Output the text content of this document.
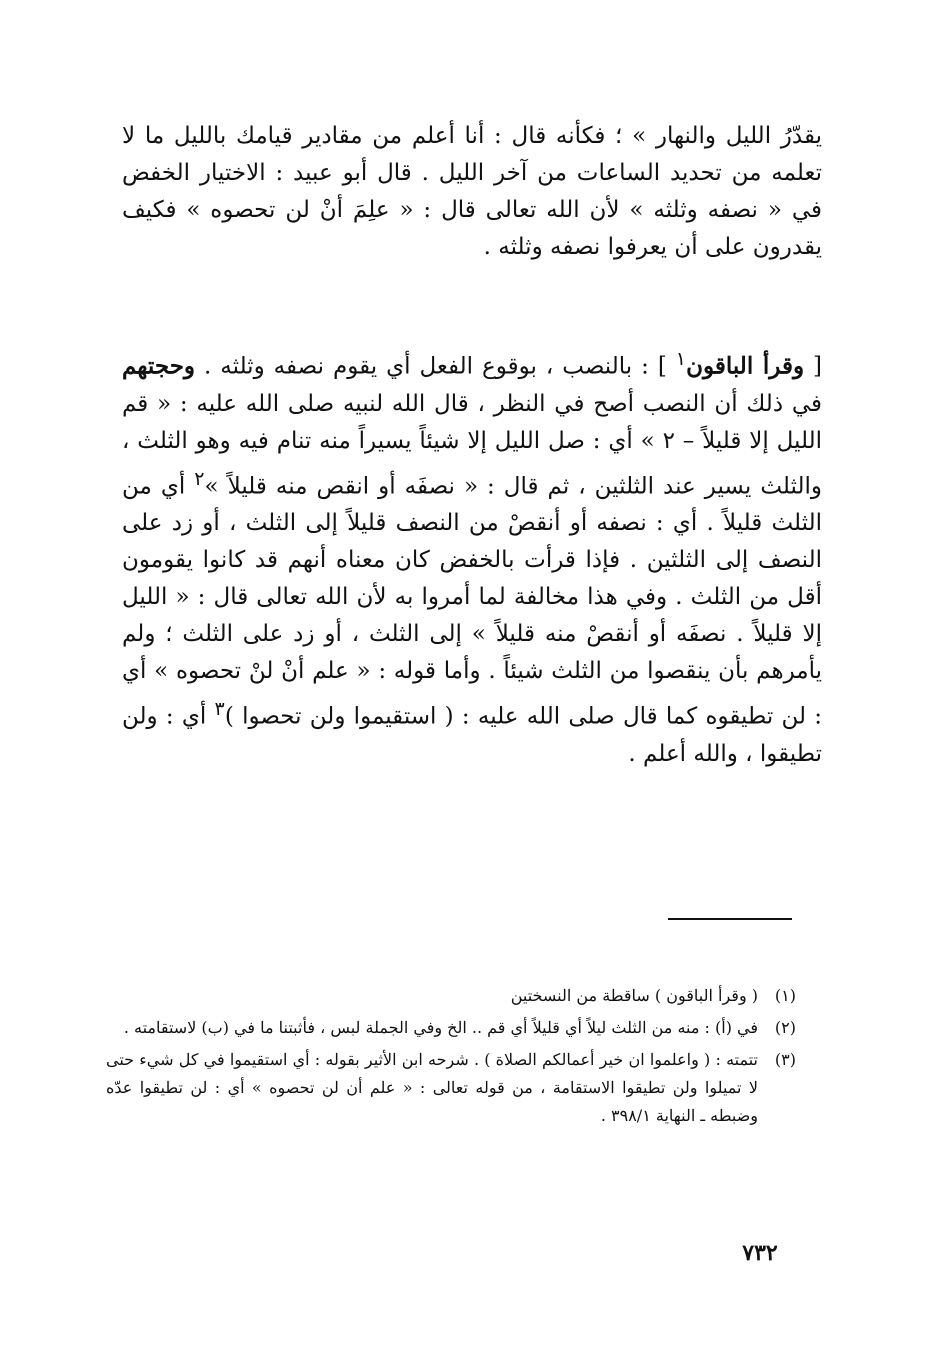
يقدّرُ الليل والنهار » ؛ فكأنه قال : أنا أعلم من مقادير قيامك بالليل ما لا تعلمه من تحديد الساعات من آخر الليل . قال أبو عبيد : الاختيار الخفض في « نصفه وثلثه » لأن الله تعالى قال : « علِمَ أنْ لن تحصوه » فكيف يقدرون على أن يعرفوا نصفه وثلثه .

[ وقرأ الباقون$^١$ ] : بالنصب ، بوقوع الفعل أي يقوم نصفه وثلثه . وحجتهم في ذلك أن النصب أصح في النظر ، قال الله لنبيه صلى الله عليه : « قم الليل إلا قليلاً – ٢ » أي : صل الليل إلا شيئاً يسيراً منه تنام فيه وهو الثلث ، والثلث يسير عند الثلثين ، ثم قال : « نصفَه أو انقص منه قليلاً »$^٢$ أي من الثلث قليلاً . أي : نصفه أو أنقصْ من النصف قليلاً إلى الثلث ، أو زد على النصف إلى الثلثين . فإذا قرأت بالخفض كان معناه أنهم قد كانوا يقومون أقل من الثلث . وفي هذا مخالفة لما أمروا به لأن الله تعالى قال : « الليل إلا قليلاً . نصفَه أو أنقصْ منه قليلاً » إلى الثلث ، أو زد على الثلث ؛ ولم يأمرهم بأن ينقصوا من الثلث شيئاً . وأما قوله : « علم أنْ لنْ تحصوه » أي : لن تطيقوه كما قال صلى الله عليه : ( استقيموا ولن تحصوا )$^٣$ أي : ولن تطيقوا ، والله أعلم .

(١)
( وقرأ الباقون ) ساقطة من النسختين
(٢)
في (أ) : منه من الثلث ليلاً أي قليلاً أي قم .. الخ وفي الجملة لبس ، فأثبتنا ما في (ب) لاستقامته .
(٣)
تتمته : ( واعلموا ان خير أعمالكم الصلاة ) . شرحه ابن الأثير بقوله : أي استقيموا في كل شيء حتى لا تميلوا ولن تطيقوا الاستقامة ، من قوله تعالى : « علم أن لن تحصوه » أي : لن تطيقوا عدّه وضبطه ـ النهاية ٣٩٨/١ .
٧٣٢
